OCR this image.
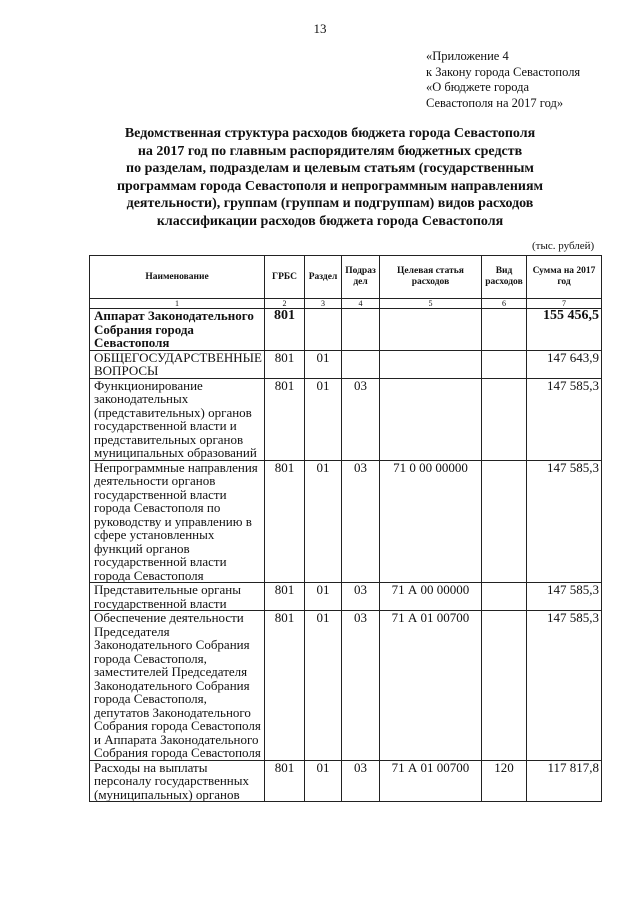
13
«Приложение 4
к Закону города Севастополя
«О бюджете города
Севастополя на 2017 год»
Ведомственная структура расходов бюджета города Севастополя
на 2017 год по главным распорядителям бюджетных средств
по разделам, подразделам и целевым статьям (государственным
программам города Севастополя и непрограммным направлениям
деятельности), группам (группам и подгруппам) видов расходов
классификации расходов бюджета города Севастополя
(тыс. рублей)
Наименование	ГРБС	Раздел	Подраз дел	Целевая статья расходов	Вид расходов	Сумма на 2017 год
1	2	3	4	5	6	7
Аппарат Законодательного Собрания города Севастополя	801					155 456,5
ОБЩЕГОСУДАРСТВЕННЫЕ ВОПРОСЫ	801	01				147 643,9
Функционирование законодательных (представительных) органов государственной власти и представительных органов муниципальных образований	801	01	03			147 585,3
Непрограммные направления деятельности органов государственной власти города Севастополя по руководству и управлению в сфере установленных функций органов государственной власти города Севастополя	801	01	03	71 0 00 00000		147 585,3
Представительные органы государственной власти	801	01	03	71 А 00 00000		147 585,3
Обеспечение деятельности Председателя Законодательного Собрания города Севастополя, заместителей Председателя Законодательного Собрания города Севастополя, депутатов Законодательного Собрания города Севастополя и Аппарата Законодательного Собрания города Севастополя	801	01	03	71 А 01 00700		147 585,3
Расходы на выплаты персоналу государственных (муниципальных) органов	801	01	03	71 А 01 00700	120	117 817,8
